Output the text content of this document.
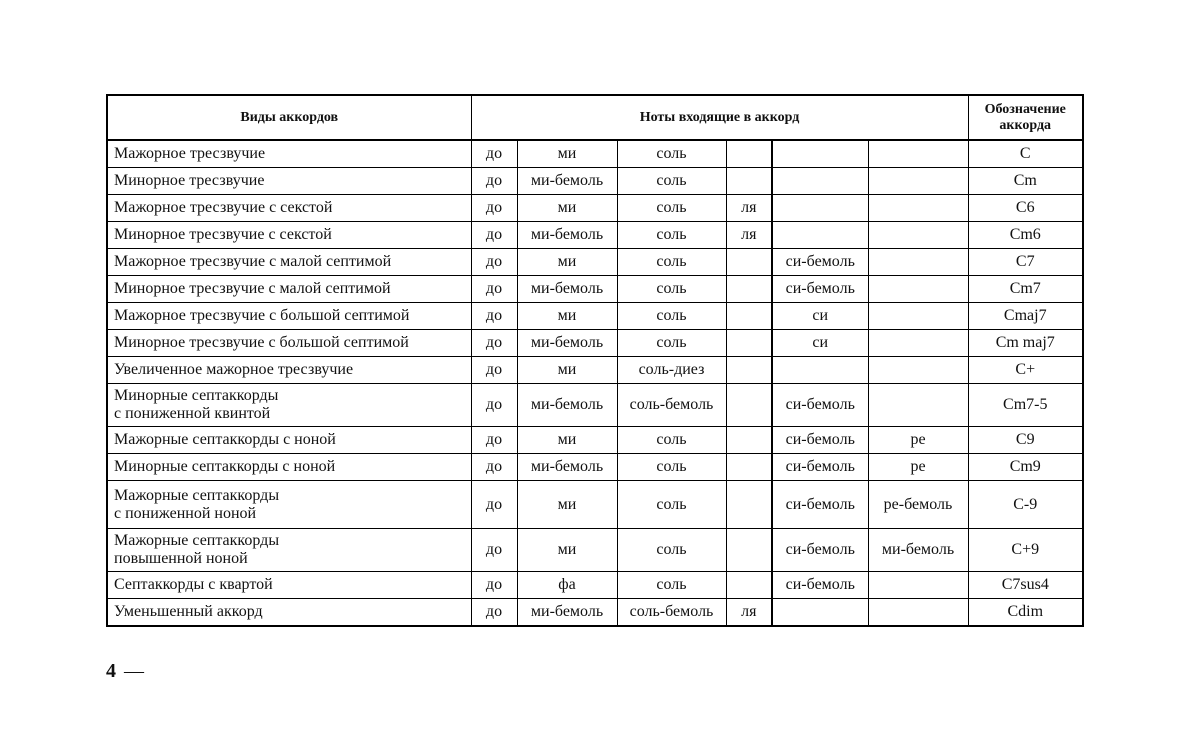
Виды аккордов	Ноты входящие в аккорд						Обозначение
аккорда
Мажорное тресзвучие	до	ми	соль				C
Минорное тресзвучие	до	ми-бемоль	соль				Cm
Мажорное тресзвучие с секстой	до	ми	соль	ля			C6
Минорное тресзвучие с секстой	до	ми-бемоль	соль	ля			Cm6
Мажорное тресзвучие с малой септимой	до	ми	соль		си-бемоль		C7
Минорное тресзвучие с малой септимой	до	ми-бемоль	соль		си-бемоль		Cm7
Мажорное тресзвучие с большой септимой	до	ми	соль		си		Cmaj7
Минорное тресзвучие с большой септимой	до	ми-бемоль	соль		си		Cm maj7
Увеличенное мажорное тресзвучие	до	ми	соль-диез				C+
Минорные септаккорды
с пониженной квинтой	до	ми-бемоль	соль-бемоль		си-бемоль		Cm7-5
Мажорные септаккорды с ноной	до	ми	соль		си-бемоль	ре	C9
Минорные септаккорды с ноной	до	ми-бемоль	соль		си-бемоль	ре	Cm9
Мажорные септаккорды
с пониженной ноной	до	ми	соль		си-бемоль	ре-бемоль	C-9
Мажорные септаккорды
повышенной ноной	до	ми	соль		си-бемоль	ми-бемоль	C+9
Септаккорды с квартой	до	фа	соль		си-бемоль		C7sus4
Уменьшенный аккорд	до	ми-бемоль	соль-бемоль	ля			Cdim
4 —
